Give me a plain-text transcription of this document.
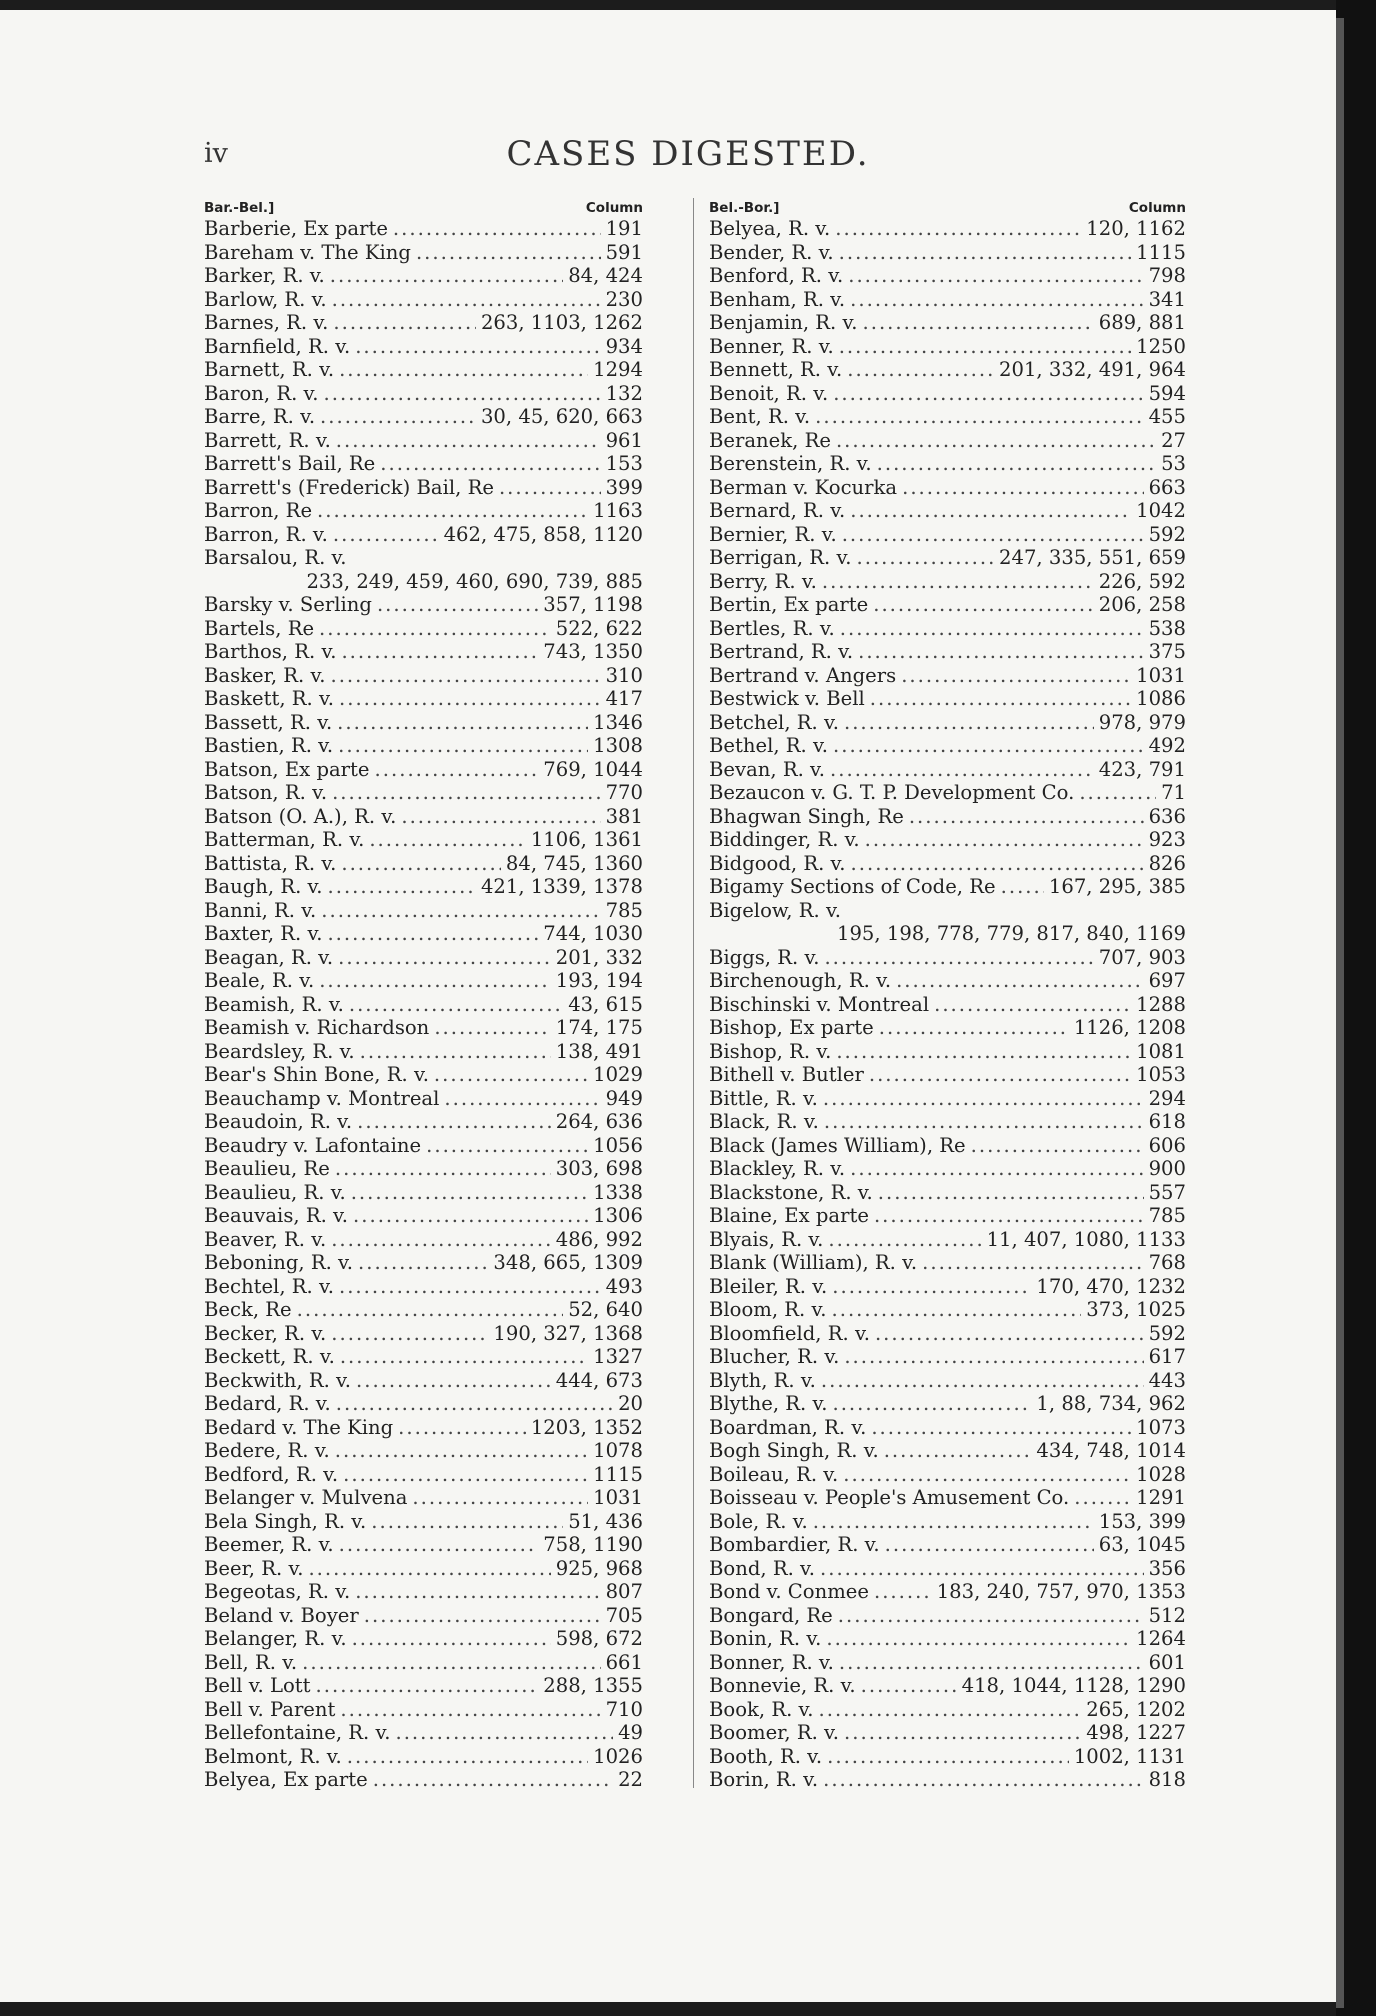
iv	CASES DIGESTED.
Bar.-Bel.]	Column
Barberie, Ex parte .....	191
Bareham v. The King .....	591
Barker, R. v. .....	84, 424
Barlow, R. v. .....	230
Barnes, R. v. .....	263, 1103, 1262
Barnfield, R. v. .....	934
Barnett, R. v. .....	1294
Baron, R. v. .....	132
Barre, R. v. .....	30, 45, 620, 663
Barrett, R. v. .....	961
Barrett's Bail, Re .....	153
Barrett's (Frederick) Bail, Re .....	399
Barron, Re .....	1163
Barron, R. v. .....	462, 475, 858, 1120
Barsalou, R. v.
233, 249, 459, 460, 690, 739, 885
Barsky v. Serling .....	357, 1198
Bartels, Re .....	522, 622
Barthos, R. v. .....	743, 1350
Basker, R. v. .....	310
Baskett, R. v. .....	417
Bassett, R. v. .....	1346
Bastien, R. v. .....	1308
Batson, Ex parte .....	769, 1044
Batson, R. v. .....	770
Batson (O. A.), R. v. .....	381
Batterman, R. v. .....	1106, 1361
Battista, R. v. .....	84, 745, 1360
Baugh, R. v. .....	421, 1339, 1378
Banni, R. v. .....	785
Baxter, R. v. .....	744, 1030
Beagan, R. v. .....	201, 332
Beale, R. v. .....	193, 194
Beamish, R. v. .....	43, 615
Beamish v. Richardson .....	174, 175
Beardsley, R. v. .....	138, 491
Bear's Shin Bone, R. v. .....	1029
Beauchamp v. Montreal .....	949
Beaudoin, R. v. .....	264, 636
Beaudry v. Lafontaine .....	1056
Beaulieu, Re .....	303, 698
Beaulieu, R. v. .....	1338
Beauvais, R. v. .....	1306
Beaver, R. v. .....	486, 992
Beboning, R. v. .....	348, 665, 1309
Bechtel, R. v. .....	493
Beck, Re .....	52, 640
Becker, R. v. .....	190, 327, 1368
Beckett, R. v. .....	1327
Beckwith, R. v. .....	444, 673
Bedard, R. v. .....	20
Bedard v. The King .....	1203, 1352
Bedere, R. v. .....	1078
Bedford, R. v. .....	1115
Belanger v. Mulvena .....	1031
Bela Singh, R. v. .....	51, 436
Beemer, R. v. .....	758, 1190
Beer, R. v. .....	925, 968
Begeotas, R. v. .....	807
Beland v. Boyer .....	705
Belanger, R. v. .....	598, 672
Bell, R. v. .....	661
Bell v. Lott .....	288, 1355
Bell v. Parent .....	710
Bellefontaine, R. v. .....	49
Belmont, R. v. .....	1026
Belyea, Ex parte .....	22
Bel.-Bor.]	Column
Belyea, R. v. .....	120, 1162
Bender, R. v. .....	1115
Benford, R. v. .....	798
Benham, R. v. .....	341
Benjamin, R. v. .....	689, 881
Benner, R. v. .....	1250
Bennett, R. v. .....	201, 332, 491, 964
Benoit, R. v. .....	594
Bent, R. v. .....	455
Beranek, Re .....	27
Berenstein, R. v. .....	53
Berman v. Kocurka .....	663
Bernard, R. v. .....	1042
Bernier, R. v. .....	592
Berrigan, R. v. .....	247, 335, 551, 659
Berry, R. v. .....	226, 592
Bertin, Ex parte .....	206, 258
Bertles, R. v. .....	538
Bertrand, R. v. .....	375
Bertrand v. Angers .....	1031
Bestwick v. Bell .....	1086
Betchel, R. v. .....	978, 979
Bethel, R. v. .....	492
Bevan, R. v. .....	423, 791
Bezaucon v. G. T. P. Development Co. .....	71
Bhagwan Singh, Re .....	636
Biddinger, R. v. .....	923
Bidgood, R. v. .....	826
Bigamy Sections of Code, Re .....	167, 295, 385
Bigelow, R. v.
195, 198, 778, 779, 817, 840, 1169
Biggs, R. v. .....	707, 903
Birchenough, R. v. .....	697
Bischinski v. Montreal .....	1288
Bishop, Ex parte .....	1126, 1208
Bishop, R. v. .....	1081
Bithell v. Butler .....	1053
Bittle, R. v. .....	294
Black, R. v. .....	618
Black (James William), Re .....	606
Blackley, R. v. .....	900
Blackstone, R. v. .....	557
Blaine, Ex parte .....	785
Blyais, R. v. .....	11, 407, 1080, 1133
Blank (William), R. v. .....	768
Bleiler, R. v. .....	170, 470, 1232
Bloom, R. v. .....	373, 1025
Bloomfield, R. v. .....	592
Blucher, R. v. .....	617
Blyth, R. v. .....	443
Blythe, R. v. .....	1, 88, 734, 962
Boardman, R. v. .....	1073
Bogh Singh, R. v. .....	434, 748, 1014
Boileau, R. v. .....	1028
Boisseau v. People's Amusement Co. .....	1291
Bole, R. v. .....	153, 399
Bombardier, R. v. .....	63, 1045
Bond, R. v. .....	356
Bond v. Conmee .....	183, 240, 757, 970, 1353
Bongard, Re .....	512
Bonin, R. v. .....	1264
Bonner, R. v. .....	601
Bonnevie, R. v. .....	418, 1044, 1128, 1290
Book, R. v. .....	265, 1202
Boomer, R. v. .....	498, 1227
Booth, R. v. .....	1002, 1131
Borin, R. v. .....	818
